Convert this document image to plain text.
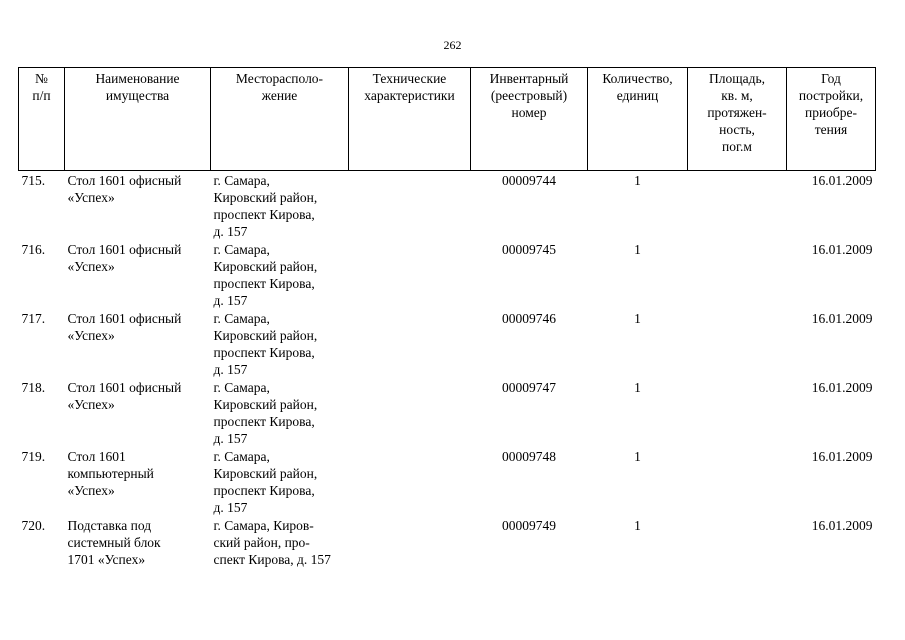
262
№
п/п	Наименование
имущества	Месторасполо-
жение	Технические
характеристики	Инвентарный
(реестровый)
номер	Количество,
единиц	Площадь,
кв. м,
протяжен-
ность,
пог.м	Год
постройки,
приобре-
тения
715.	Стол 1601 офисный
«Успех»	г. Самара,
Кировский район,
проспект Кирова,
д. 157		00009744	1		16.01.2009
716.	Стол 1601 офисный
«Успех»	г. Самара,
Кировский район,
проспект Кирова,
д. 157		00009745	1		16.01.2009
717.	Стол 1601 офисный
«Успех»	г. Самара,
Кировский район,
проспект Кирова,
д. 157		00009746	1		16.01.2009
718.	Стол 1601 офисный
«Успех»	г. Самара,
Кировский район,
проспект Кирова,
д. 157		00009747	1		16.01.2009
719.	Стол 1601
компьютерный
«Успех»	г. Самара,
Кировский район,
проспект Кирова,
д. 157		00009748	1		16.01.2009
720.	Подставка под
системный блок
1701 «Успех»	г. Самара, Киров-
ский район, про-
спект Кирова, д. 157		00009749	1		16.01.2009
